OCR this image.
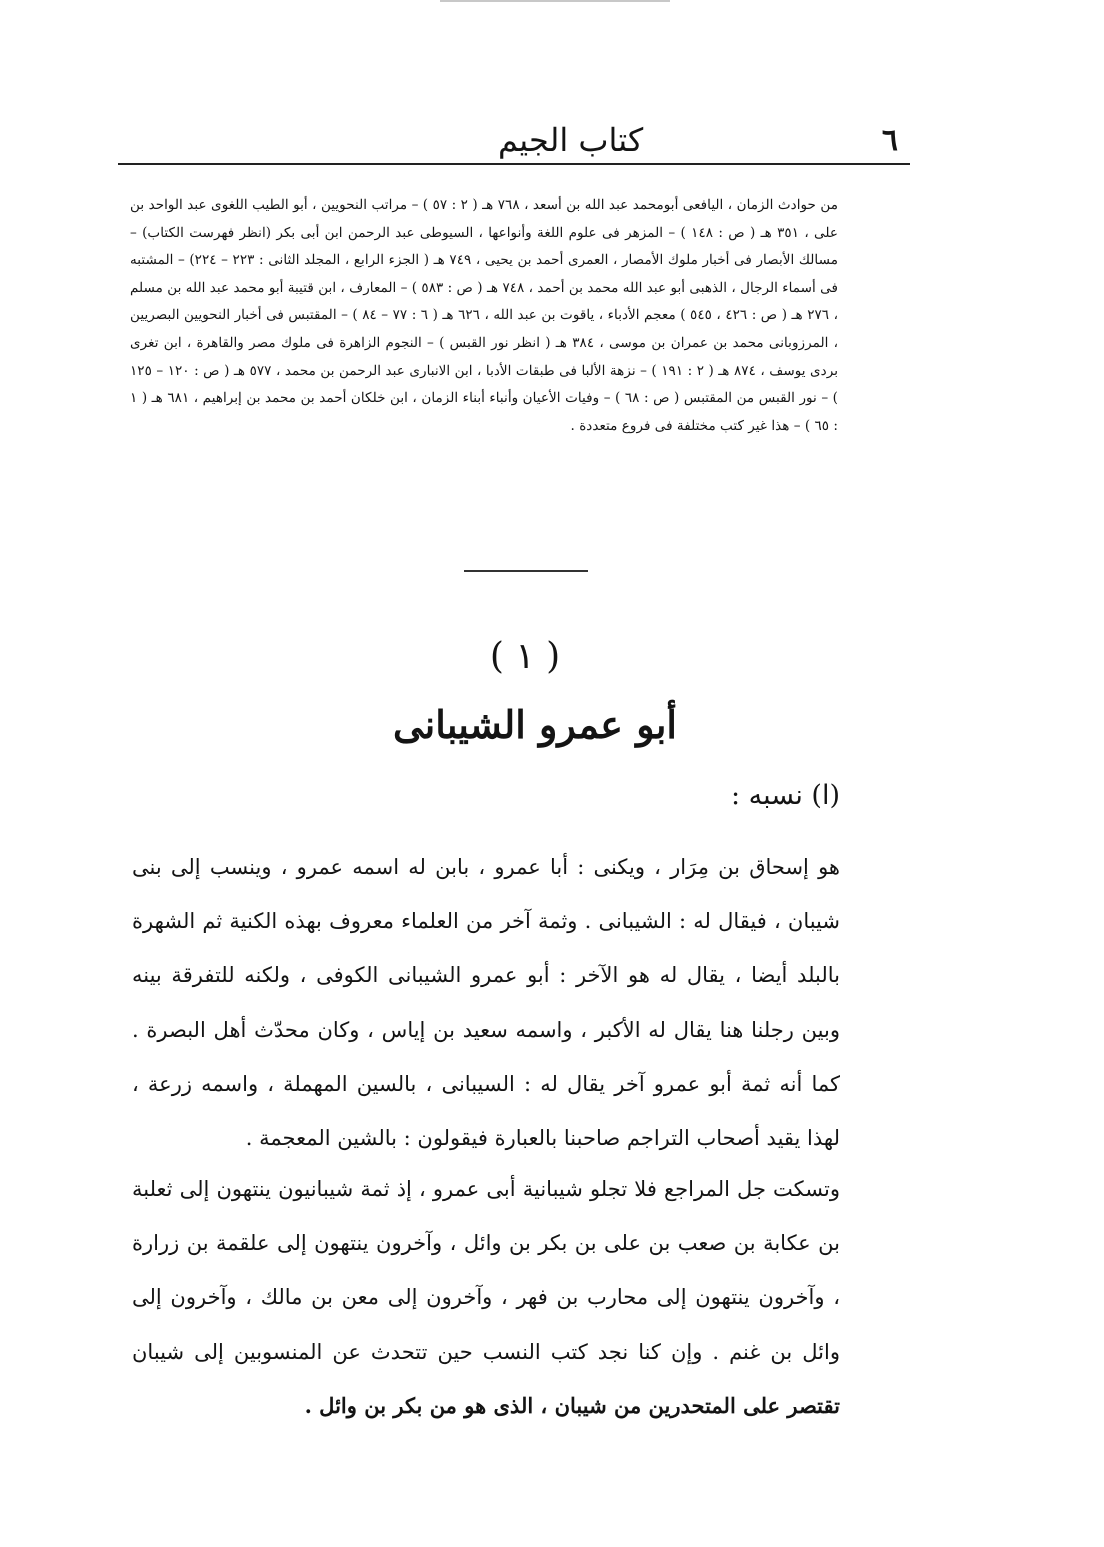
كتاب الجيم	٦
من حوادث الزمان ، اليافعى أبومحمد عبد الله بن أسعد ، ٧٦٨ هـ ( ٢ : ٥٧ ) – مراتب النحويين ، أبو الطيب اللغوى عبد الواحد بن على ، ٣٥١ هـ ( ص : ١٤٨ ) – المزهر فى علوم اللغة وأنواعها ، السيوطى عبد الرحمن ابن أبى بكر (انظر فهرست الكتاب) – مسالك الأبصار فى أخبار ملوك الأمصار ، العمرى أحمد بن يحيى ، ٧٤٩ هـ ( الجزء الرابع ، المجلد الثانى : ٢٢٣ – ٢٢٤) – المشتبه فى أسماء الرجال ، الذهبى أبو عبد الله محمد بن أحمد ، ٧٤٨ هـ ( ص : ٥٨٣ ) – المعارف ، ابن قتيبة أبو محمد عبد الله بن مسلم ، ٢٧٦ هـ ( ص : ٤٢٦ ، ٥٤٥ ) معجم الأدباء ، ياقوت بن عبد الله ، ٦٢٦ هـ ( ٦ : ٧٧ – ٨٤ ) – المقتبس فى أخبار النحويين البصريين ، المرزوبانى محمد بن عمران بن موسى ، ٣٨٤ هـ ( انظر نور القبس ) – النجوم الزاهرة فى ملوك مصر والقاهرة ، ابن تغرى بردى يوسف ، ٨٧٤ هـ ( ٢ : ١٩١ ) – نزهة الألبا فى طبقات الأدبا ، ابن الانبارى عبد الرحمن بن محمد ، ٥٧٧ هـ ( ص : ١٢٠ – ١٢٥ ) – نور القبس من المقتبس ( ص : ٦٨ ) – وفيات الأعيان وأنباء أبناء الزمان ، ابن خلكان أحمد بن محمد بن إبراهيم ، ٦٨١ هـ ( ١ : ٦٥ ) – هذا غير كتب مختلفة فى فروع متعددة .
( ١ )
أبو عمرو الشيبانى
(ا) نسبه :
هو إسحاق بن مِرَار ، ويكنى : أبا عمرو ، بابن له اسمه عمرو ، وينسب إلى بنى شيبان ، فيقال له : الشيبانى . وثمة آخر من العلماء معروف بهذه الكنية ثم الشهرة بالبلد أيضا ، يقال له هو الآخر : أبو عمرو الشيبانى الكوفى ، ولكنه للتفرقة بينه وبين رجلنا هنا يقال له الأكبر ، واسمه سعيد بن إياس ، وكان محدّث أهل البصرة . كما أنه ثمة أبو عمرو آخر يقال له : السيبانى ، بالسين المهملة ، واسمه زرعة ، لهذا يقيد أصحاب التراجم صاحبنا بالعبارة فيقولون : بالشين المعجمة .
وتسكت جل المراجع فلا تجلو شيبانية أبى عمرو ، إذ ثمة شيبانيون ينتهون إلى ثعلبة بن عكابة بن صعب بن على بن بكر بن وائل ، وآخرون ينتهون إلى علقمة بن زرارة ، وآخرون ينتهون إلى محارب بن فهر ، وآخرون إلى معن بن مالك ، وآخرون إلى وائل بن غنم . وإن كنا نجد كتب النسب حين تتحدث عن المنسوبين إلى شيبان تقتصر على المتحدرين من شيبان ، الذى هو من بكر بن وائل .
